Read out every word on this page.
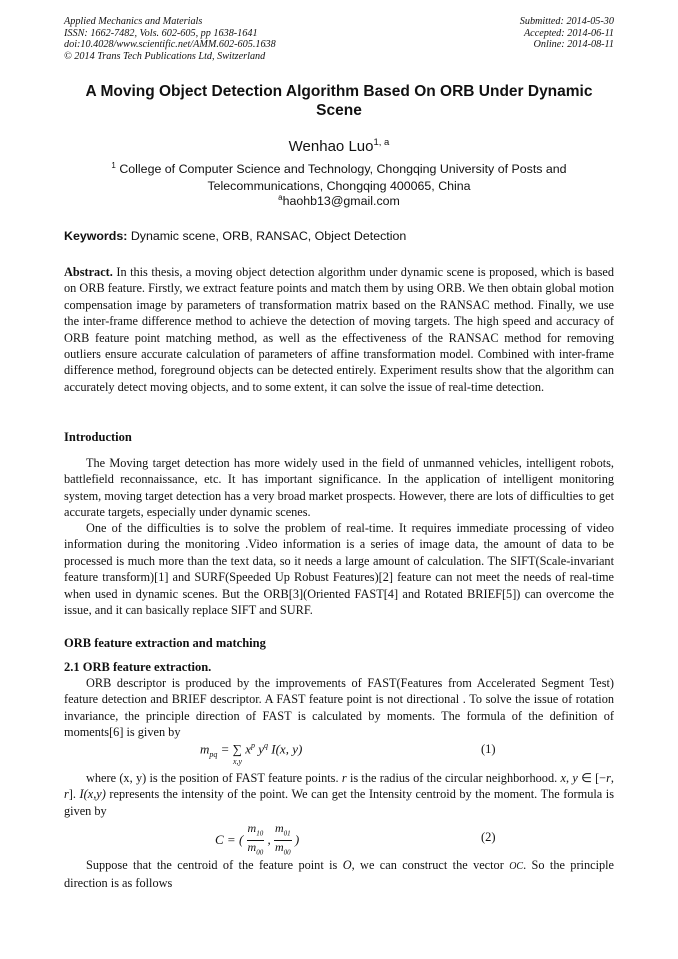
Applied Mechanics and Materials
ISSN: 1662-7482, Vols. 602-605, pp 1638-1641
doi:10.4028/www.scientific.net/AMM.602-605.1638
© 2014 Trans Tech Publications Ltd, Switzerland
Submitted: 2014-05-30
Accepted: 2014-06-11
Online: 2014-08-11
A Moving Object Detection Algorithm Based On ORB Under Dynamic Scene
Wenhao Luo$^{1, a}$
$^1$ College of Computer Science and Technology, Chongqing University of Posts and Telecommunications, Chongqing 400065, China
$^a$haohb13@gmail.com
Keywords: Dynamic scene, ORB, RANSAC, Object Detection
Abstract. In this thesis, a moving object detection algorithm under dynamic scene is proposed, which is based on ORB feature. Firstly, we extract feature points and match them by using ORB. We then obtain global motion compensation image by parameters of transformation matrix based on the RANSAC method. Finally, we use the inter-frame difference method to achieve the detection of moving targets. The high speed and accuracy of ORB feature point matching method, as well as the effectiveness of the RANSAC method for removing outliers ensure accurate calculation of parameters of affine transformation model. Combined with inter-frame difference method, foreground objects can be detected entirely. Experiment results show that the algorithm can accurately detect moving objects, and to some extent, it can solve the issue of real-time detection.
Introduction
The Moving target detection has more widely used in the field of unmanned vehicles, intelligent robots, battlefield reconnaissance, etc. It has important significance. In the application of intelligent monitoring system, moving target detection has a very broad market prospects. However, there are lots of difficulties to get accurate targets, especially under dynamic scenes.
One of the difficulties is to solve the problem of real-time. It requires immediate processing of video information during the monitoring .Video information is a series of image data, the amount of data to be processed is much more than the text data, so it needs a large amount of calculation. The SIFT(Scale-invariant feature transform)[1] and SURF(Speeded Up Robust Features)[2] feature can not meet the needs of real-time when used in dynamic scenes. But the ORB[3](Oriented FAST[4] and Rotated BRIEF[5]) can overcome the issue, and it can basically replace SIFT and SURF.
ORB feature extraction and matching
2.1 ORB feature extraction.
ORB descriptor is produced by the improvements of FAST(Features from Accelerated Segment Test) feature detection and BRIEF descriptor. A FAST feature point is not directional . To solve the issue of rotation invariance, the principle direction of FAST is calculated by moments. The formula of the definition of moments[6] is given by
$m_{pq}$ = ∑ $x^p$ $y^q$ I(x, y)
x,y
(1)
where (x, y) is the position of FAST feature points. r is the radius of the circular neighborhood. x, y ∈ [−r, r]. I(x,y) represents the intensity of the point. We can get the Intensity centroid by the moment. The formula is given by
C = ( $\frac{m_{10}}{m_{00}}$ , $\frac{m_{01}}{m_{00}}$ )	(2)
Suppose that the centroid of the feature point is O, we can construct the vector OC. So the principle direction is as follows
